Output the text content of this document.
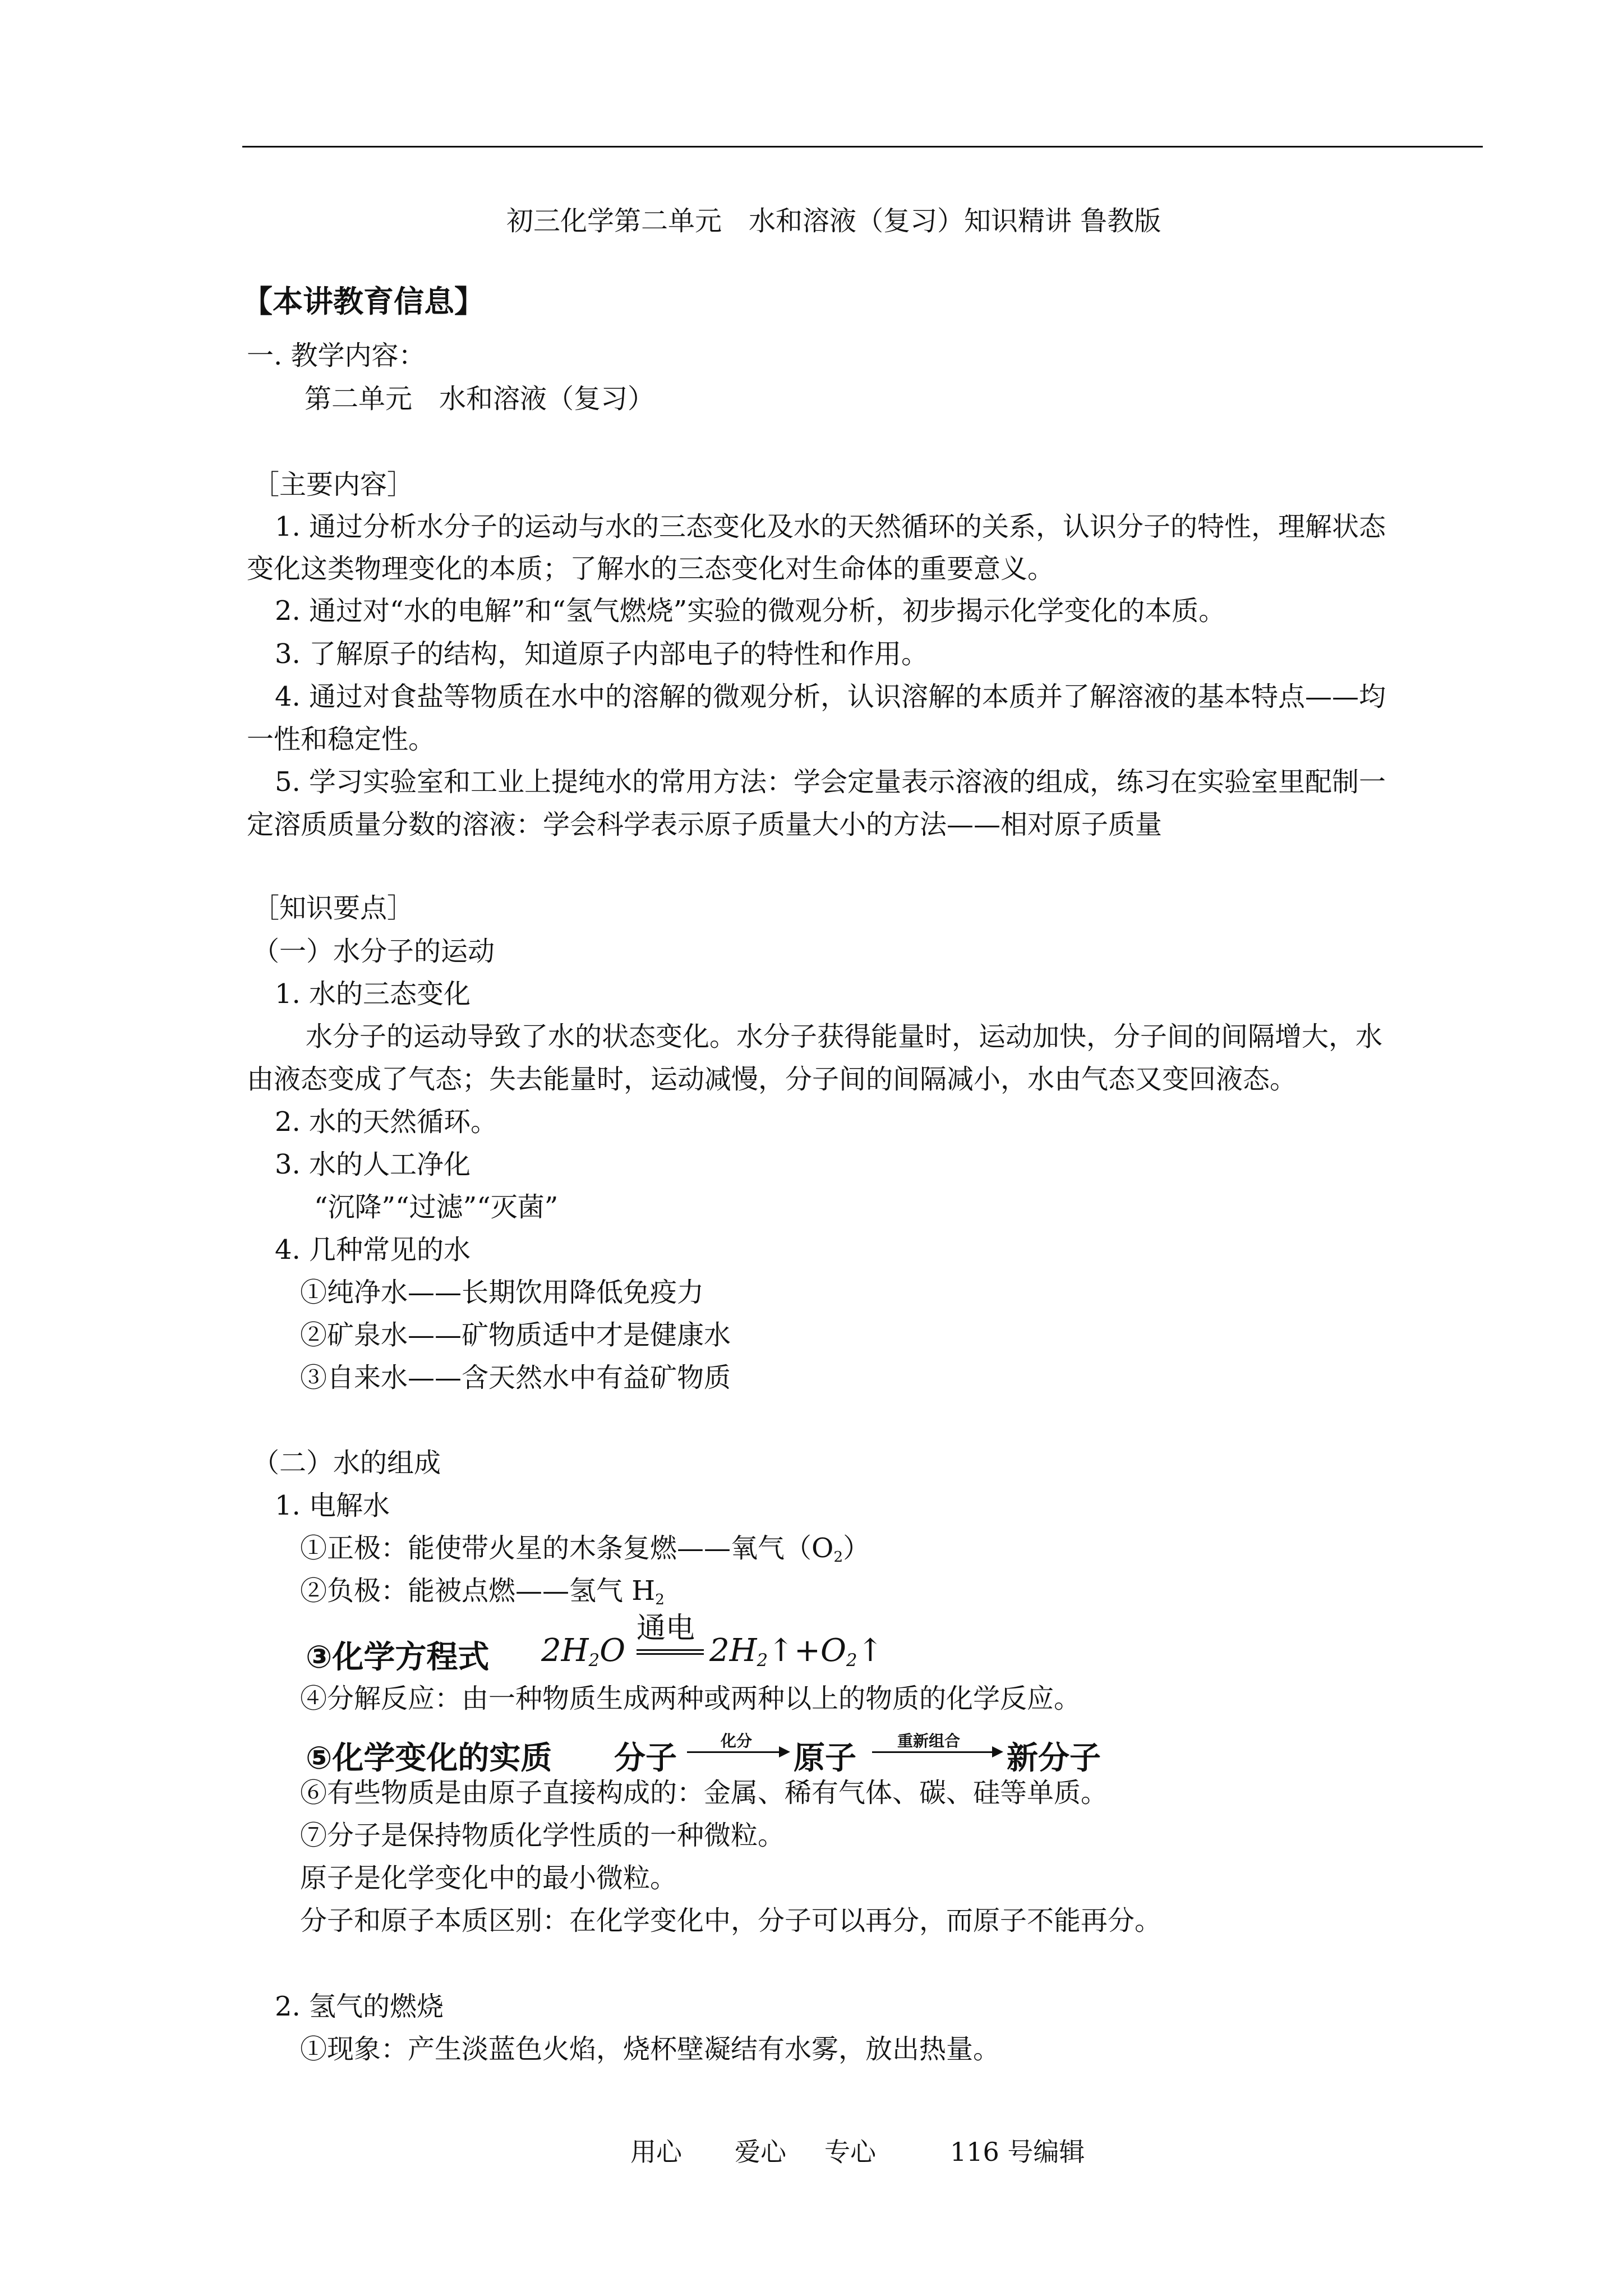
初三化学第二单元　水和溶液（复习）知识精讲 鲁教版
【本讲教育信息】
一. 教学内容：
第二单元　水和溶液（复习）
［主要内容］
1. 通过分析水分子的运动与水的三态变化及水的天然循环的关系，认识分子的特性，理解状态
变化这类物理变化的本质；了解水的三态变化对生命体的重要意义。
2. 通过对“水的电解”和“氢气燃烧”实验的微观分析，初步揭示化学变化的本质。
3. 了解原子的结构，知道原子内部电子的特性和作用。
4. 通过对食盐等物质在水中的溶解的微观分析，认识溶解的本质并了解溶液的基本特点——均
一性和稳定性。
5. 学习实验室和工业上提纯水的常用方法：学会定量表示溶液的组成，练习在实验室里配制一
定溶质质量分数的溶液：学会科学表示原子质量大小的方法——相对原子质量
［知识要点］
（一）水分子的运动
1. 水的三态变化
水分子的运动导致了水的状态变化。水分子获得能量时，运动加快，分子间的间隔增大，水
由液态变成了气态；失去能量时，运动减慢，分子间的间隔减小，水由气态又变回液态。
2. 水的天然循环。
3. 水的人工净化
“沉降”“过滤”“灭菌”
4. 几种常见的水
①纯净水——长期饮用降低免疫力
②矿泉水——矿物质适中才是健康水
③自来水——含天然水中有益矿物质
（二）水的组成
1. 电解水
①正极：能使带火星的木条复燃——氧气$(O_2)$
②负极：能被点燃——氢气 $H_2$
③化学方程式 $2H_2O$
通电
$2H_2↑+O_2↑$
④分解反应：由一种物质生成两种或两种以上的物质的化学反应。
⑤化学变化的实质 分子	化分 原子	重新组合 新分子
⑥有些物质是由原子直接构成的：金属、稀有气体、碳、硅等单质。
⑦分子是保持物质化学性质的一种微粒。
原子是化学变化中的最小微粒。
分子和原子本质区别：在化学变化中，分子可以再分，而原子不能再分。
2. 氢气的燃烧
①现象：产生淡蓝色火焰，烧杯壁凝结有水雾，放出热量。
用心 爱心 专心	116 号编辑
